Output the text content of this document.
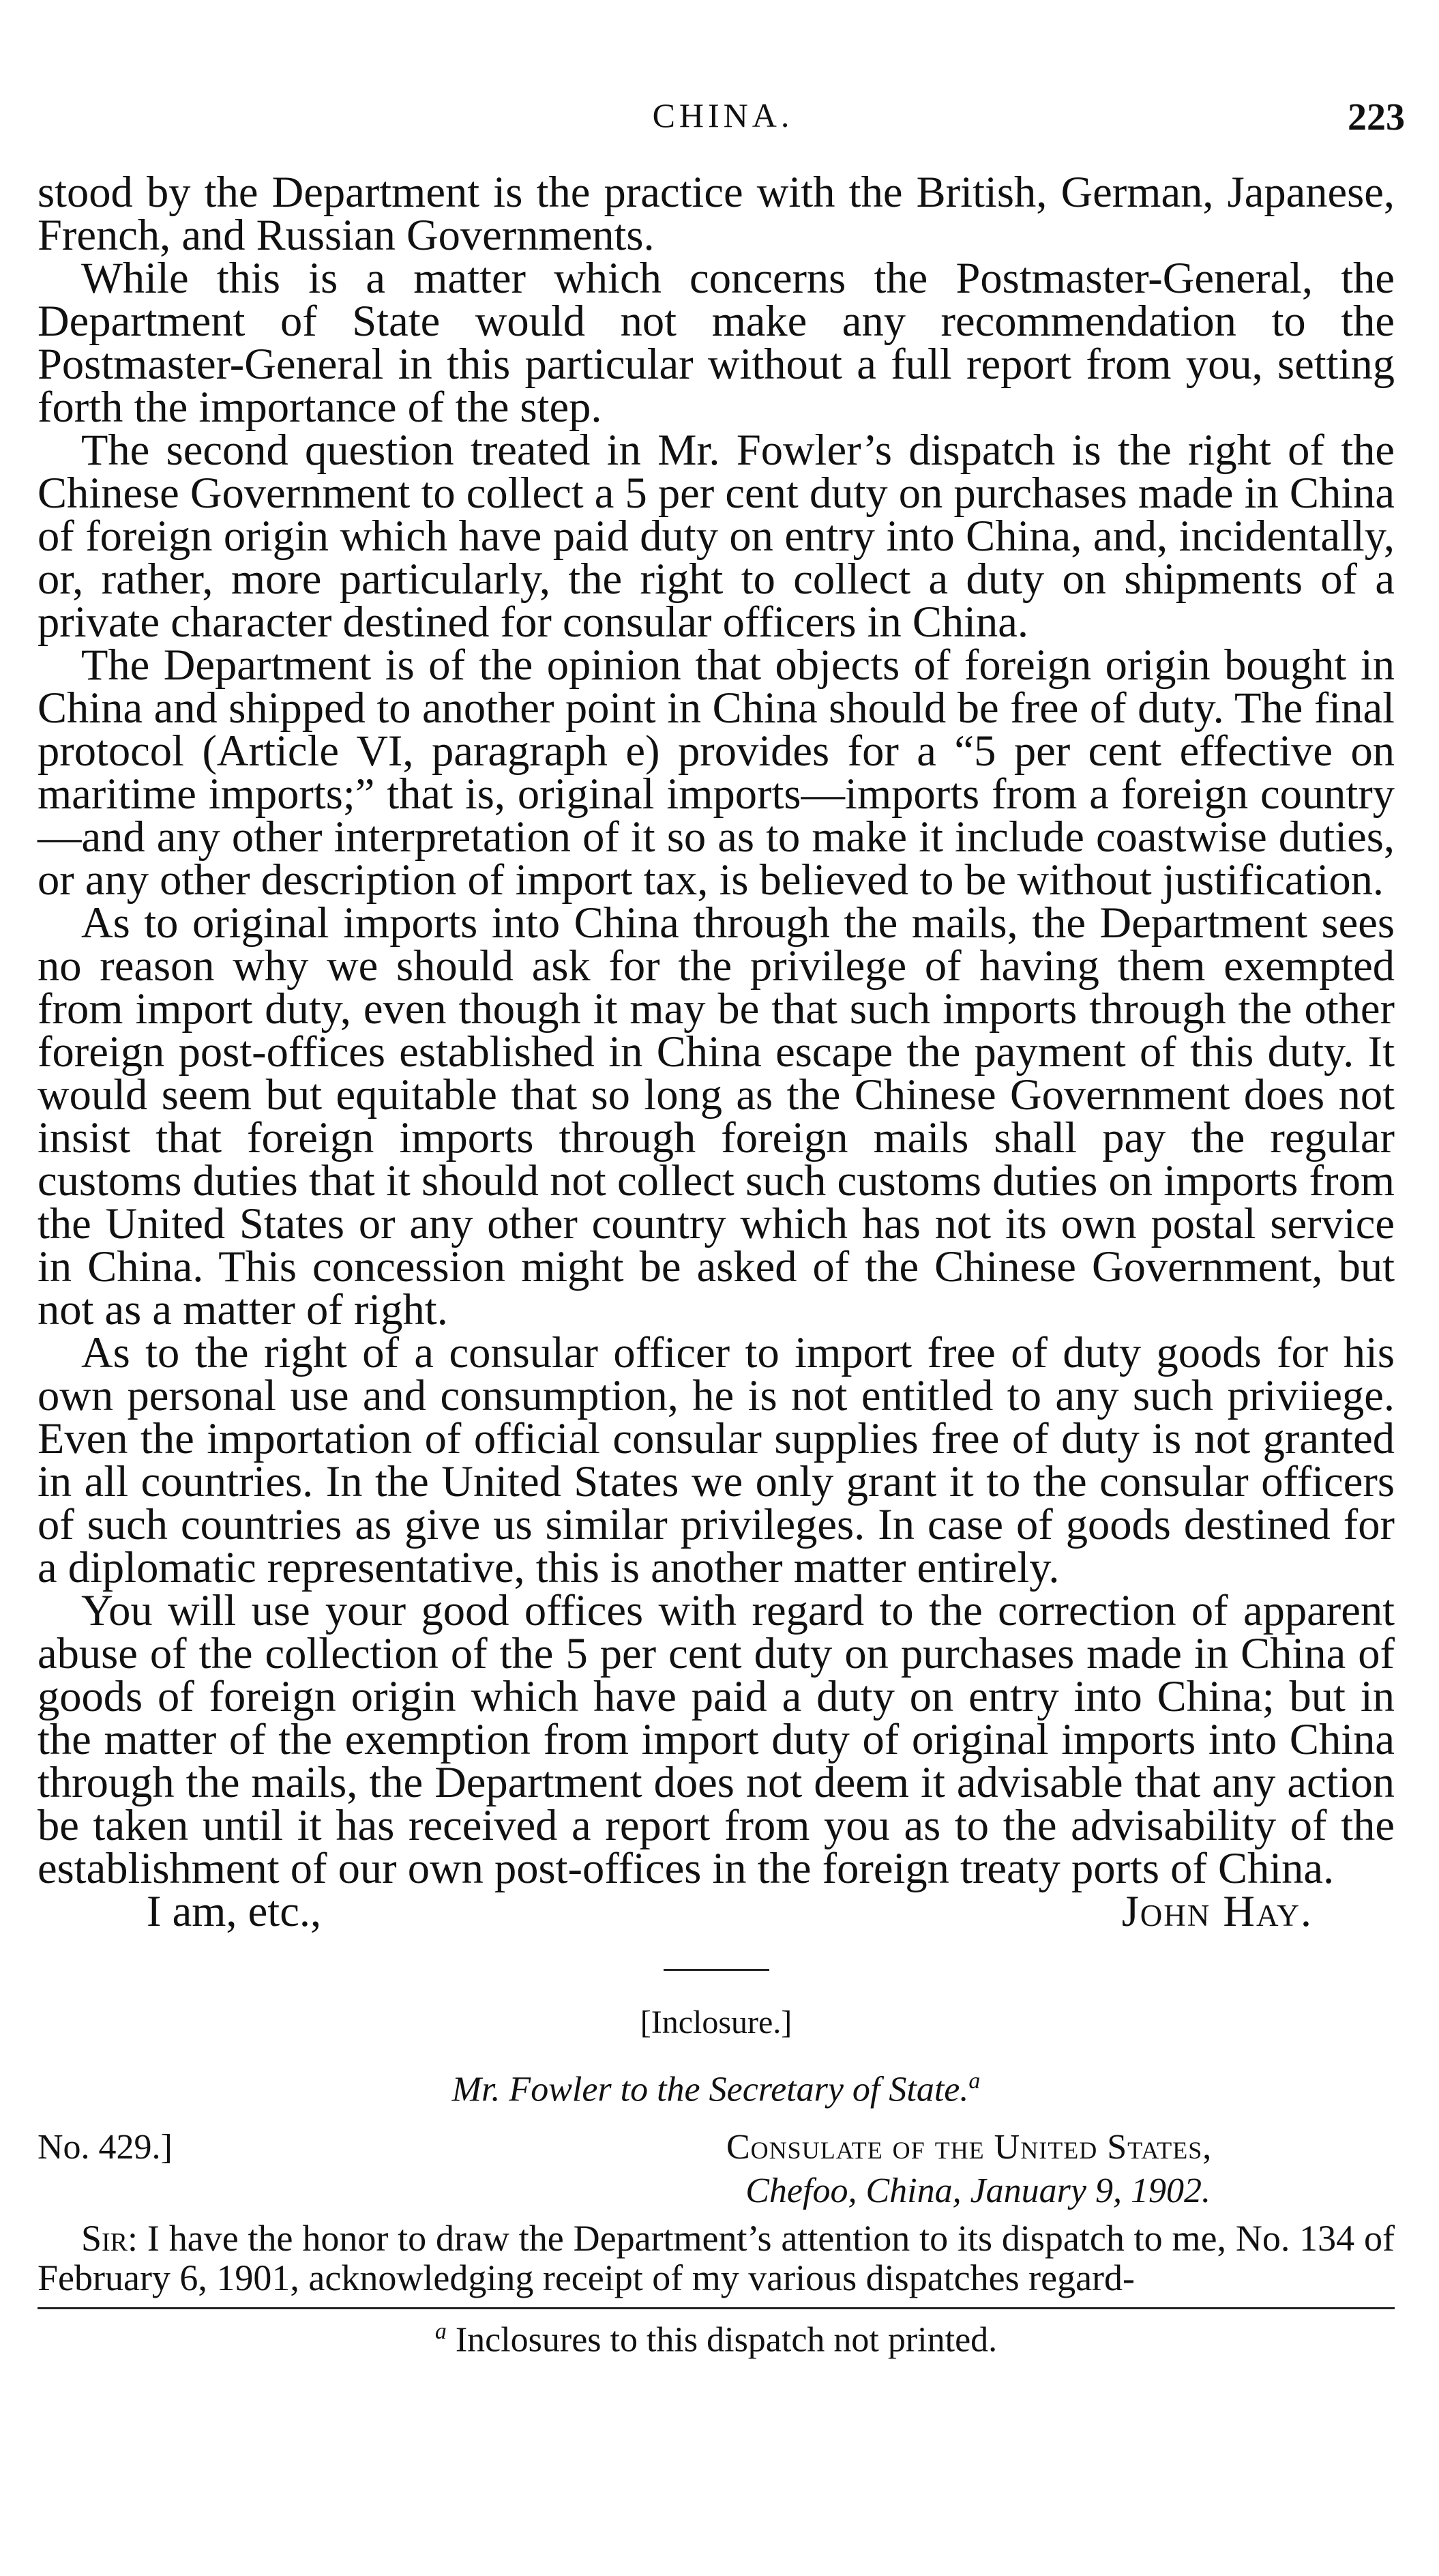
CHINA.	223

stood by the Department is the practice with the British, German, Japanese, French, and Russian Governments.

While this is a matter which concerns the Postmaster-General, the Department of State would not make any recommendation to the Postmaster-General in this particular without a full report from you, setting forth the importance of the step.

The second question treated in Mr. Fowler’s dispatch is the right of the Chinese Government to collect a 5 per cent duty on purchases made in China of foreign origin which have paid duty on entry into China, and, incidentally, or, rather, more particularly, the right to collect a duty on shipments of a private character destined for consular officers in China.

The Department is of the opinion that objects of foreign origin bought in China and shipped to another point in China should be free of duty. The final protocol (Article VI, paragraph e) provides for a “5 per cent effective on maritime imports;” that is, original imports—imports from a foreign country—and any other interpretation of it so as to make it include coastwise duties, or any other description of import tax, is believed to be without justification.

As to original imports into China through the mails, the Department sees no reason why we should ask for the privilege of having them exempted from import duty, even though it may be that such imports through the other foreign post-offices established in China escape the payment of this duty. It would seem but equitable that so long as the Chinese Government does not insist that foreign imports through foreign mails shall pay the regular customs duties that it should not collect such customs duties on imports from the United States or any other country which has not its own postal service in China. This concession might be asked of the Chinese Government, but not as a matter of right.

As to the right of a consular officer to import free of duty goods for his own personal use and consumption, he is not entitled to any such priviiege. Even the importation of official consular supplies free of duty is not granted in all countries. In the United States we only grant it to the consular officers of such countries as give us similar privileges. In case of goods destined for a diplomatic representative, this is another matter entirely.

You will use your good offices with regard to the correction of apparent abuse of the collection of the 5 per cent duty on purchases made in China of goods of foreign origin which have paid a duty on entry into China; but in the matter of the exemption from import duty of original imports into China through the mails, the Department does not deem it advisable that any action be taken until it has received a report from you as to the advisability of the establishment of our own post-offices in the foreign treaty ports of China.

I am, etc.,	John Hay.
[Inclosure.]
Mr. Fowler to the Secretary of State.$^a$
No. 429.]	Consulate of the United States,
Chefoo, China, January 9, 1902.

Sir: I have the honor to draw the Department’s attention to its dispatch to me, No. 134 of February 6, 1901, acknowledging receipt of my various dispatches regard-

$^a$ Inclosures to this dispatch not printed.
